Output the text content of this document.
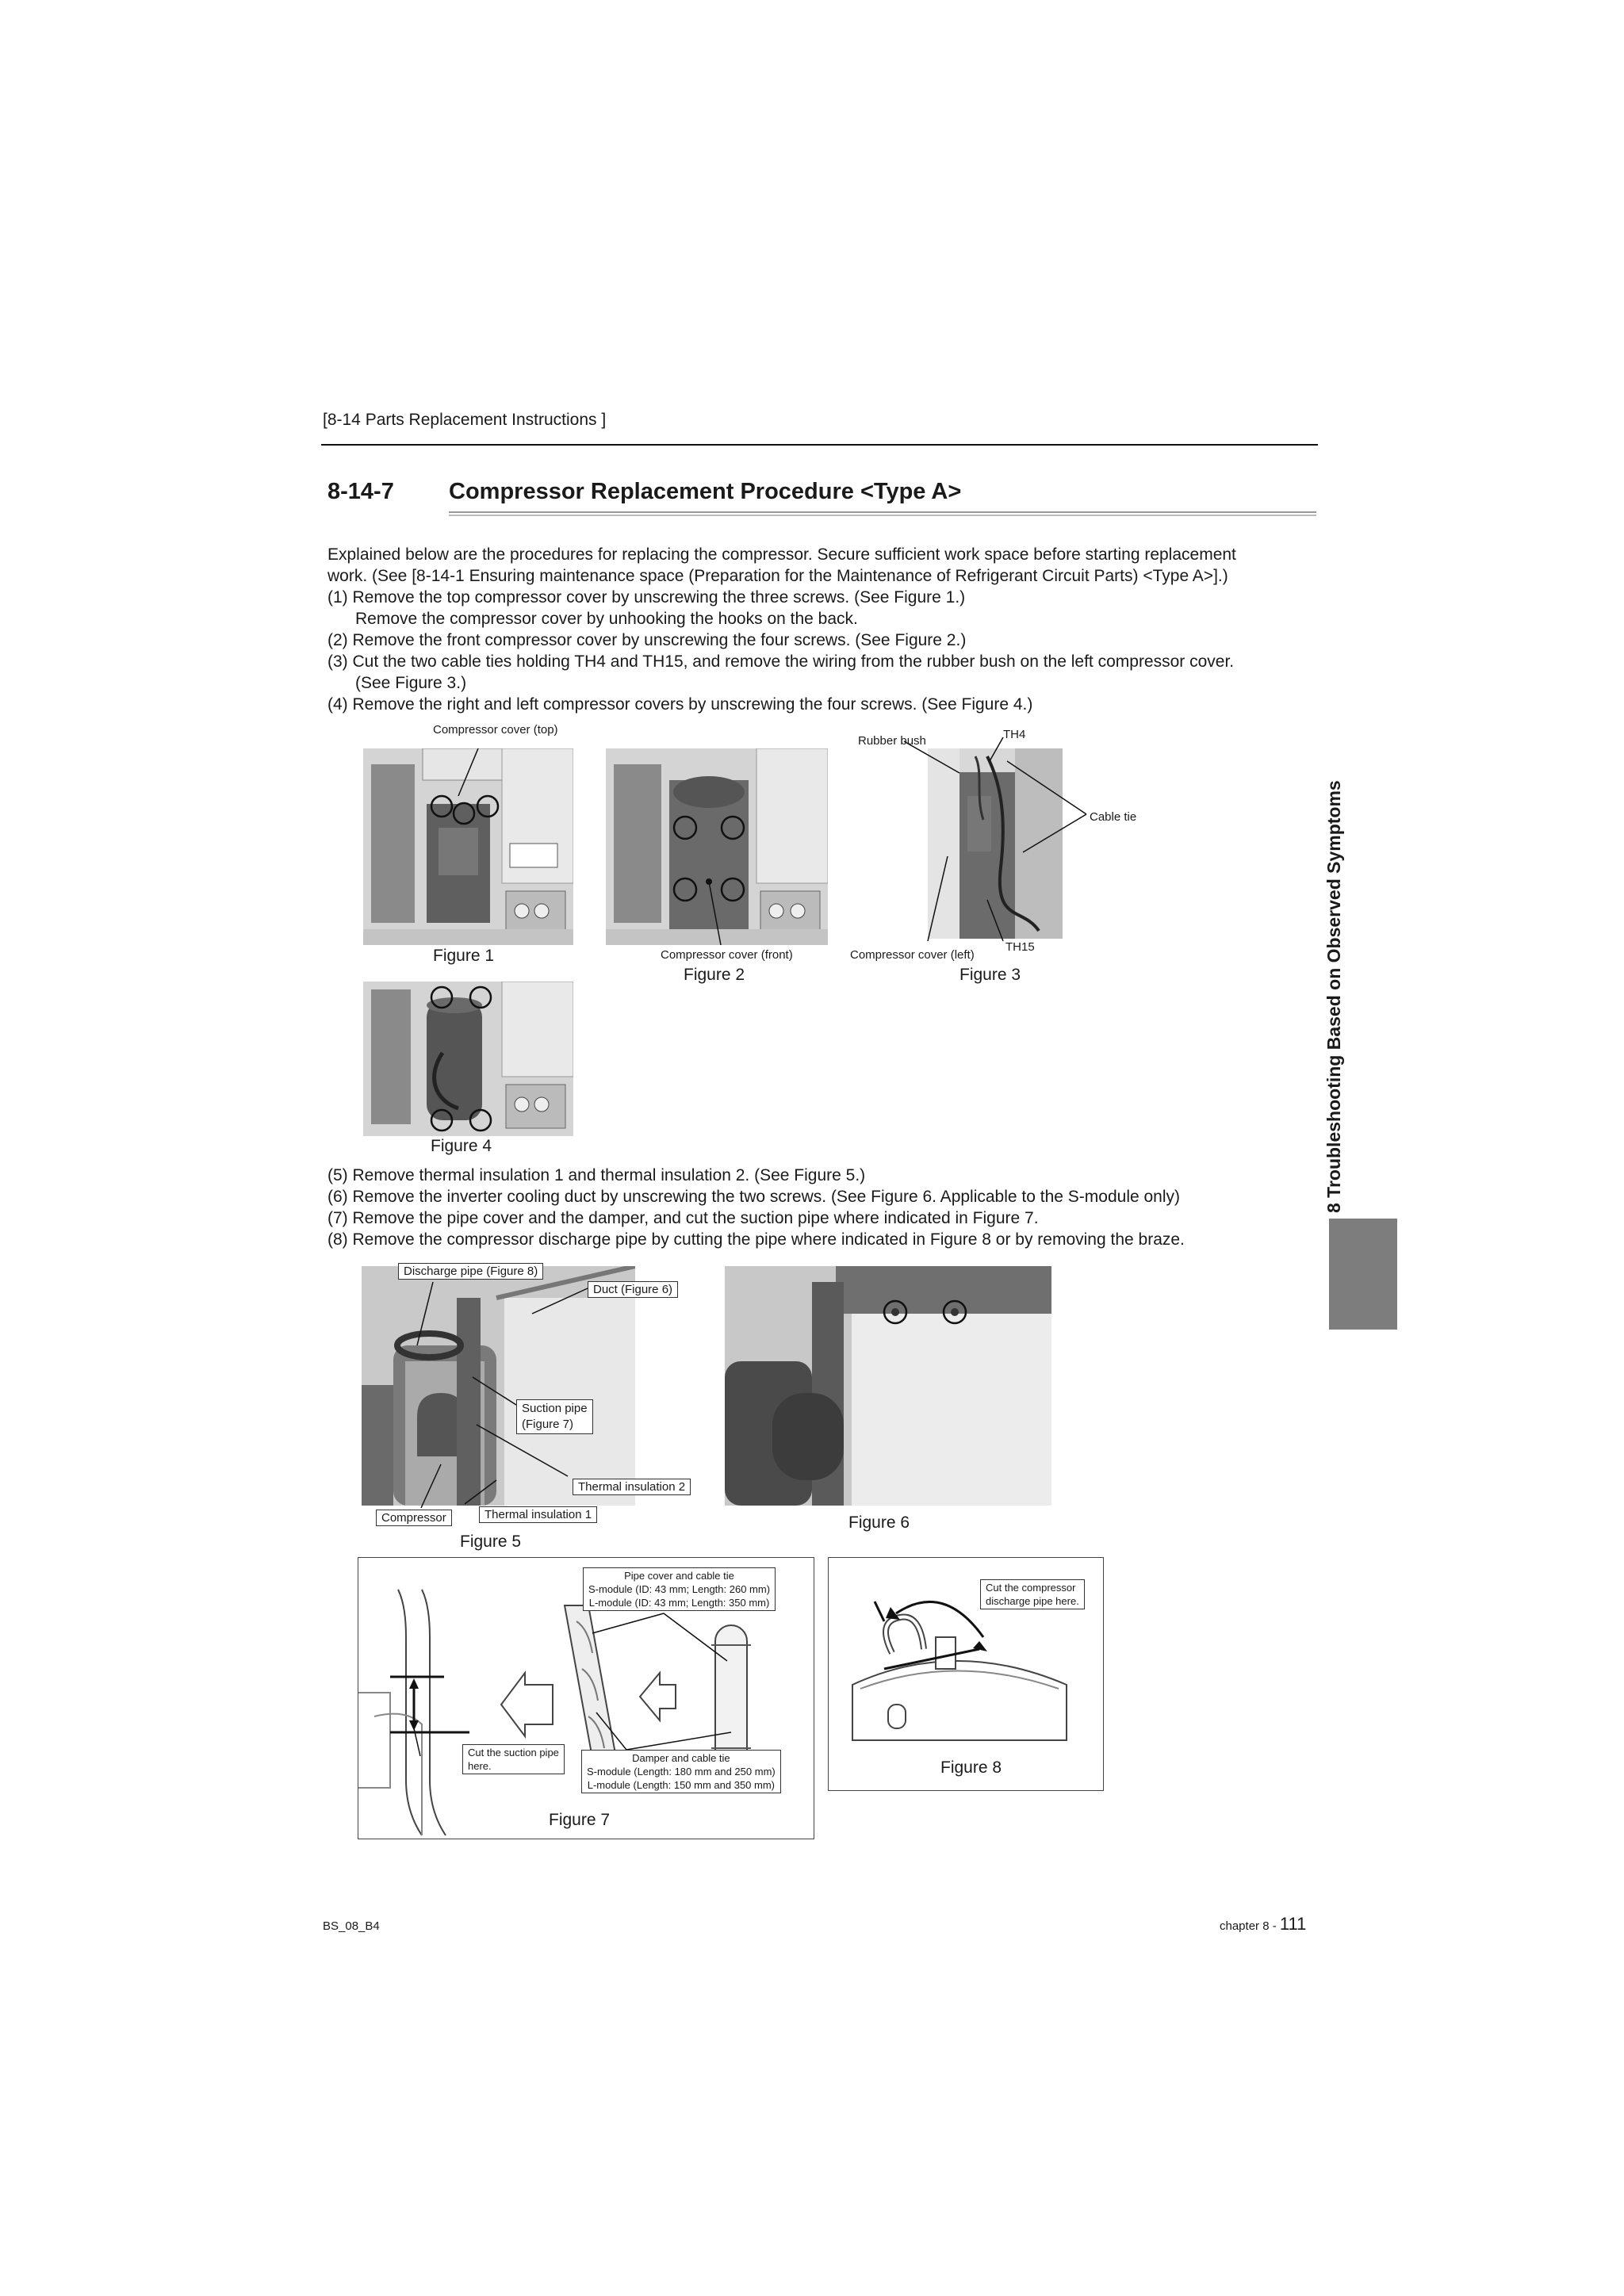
[8-14 Parts Replacement Instructions ]
8-14-7 Compressor Replacement Procedure <Type A>
Explained below are the procedures for replacing the compressor. Secure sufficient work space before starting replacement
work. (See [8-14-1 Ensuring maintenance space (Preparation for the Maintenance of Refrigerant Circuit Parts) <Type A>].)
(1) Remove the top compressor cover by unscrewing the three screws. (See Figure 1.)
Remove the compressor cover by unhooking the hooks on the back.
(2) Remove the front compressor cover by unscrewing the four screws. (See Figure 2.)
(3) Cut the two cable ties holding TH4 and TH15, and remove the wiring from the rubber bush on the left compressor cover.
(See Figure 3.)
(4) Remove the right and left compressor covers by unscrewing the four screws. (See Figure 4.)
Compressor cover (top)
Figure 1	Compressor cover (front)
Figure 2
Rubber bush	TH4
Cable tie
Compressor cover (left)
TH15
Figure 3
Figure 4
(5) Remove thermal insulation 1 and thermal insulation 2. (See Figure 5.)
(6) Remove the inverter cooling duct by unscrewing the two screws. (See Figure 6. Applicable to the S-module only)
(7) Remove the pipe cover and the damper, and cut the suction pipe where indicated in Figure 7.
(8) Remove the compressor discharge pipe by cutting the pipe where indicated in Figure 8 or by removing the braze.
Discharge pipe (Figure 8)
Duct (Figure 6)
Suction pipe
(Figure 7)
Thermal insulation 2
Compressor	Thermal insulation 1
Figure 5
Figure 6
Pipe cover and cable tie
S-module (ID: 43 mm; Length: 260 mm)
L-module (ID: 43 mm; Length: 350 mm)
Cut the suction pipe
here.
Damper and cable tie
S-module (Length: 180 mm and 250 mm)
L-module (Length: 150 mm and 350 mm)
Figure 7
Cut the compressor
discharge pipe here.
Figure 8
8 Troubleshooting Based on Observed Symptoms
BS_08_B4	chapter 8 - 111
